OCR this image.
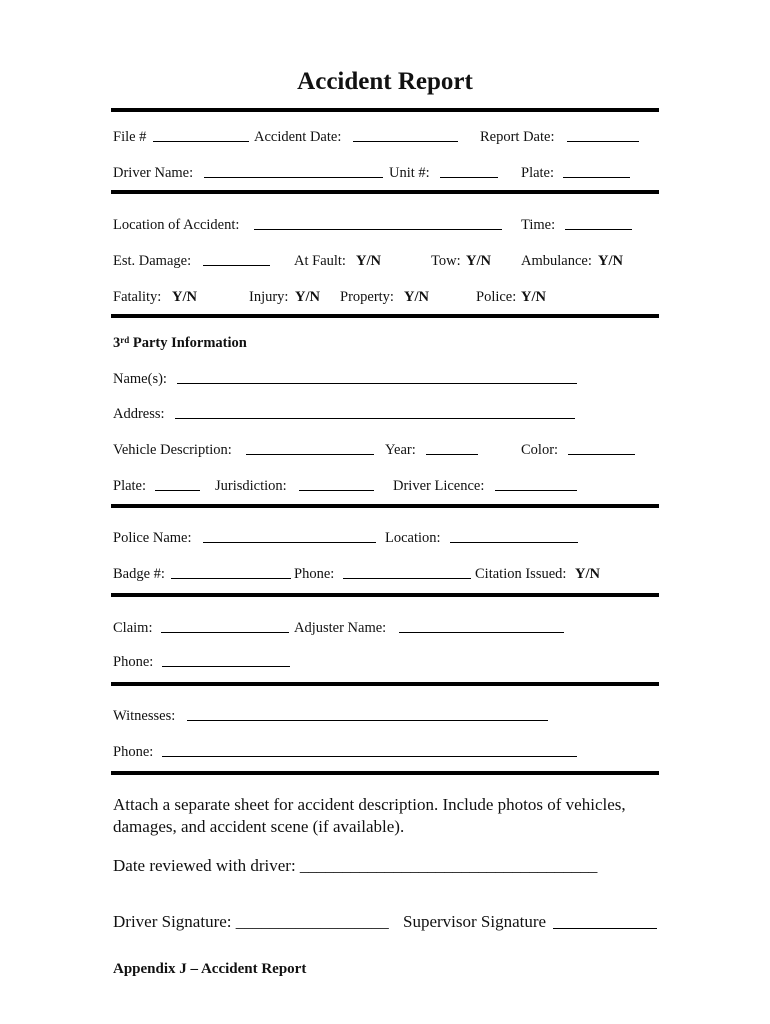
Accident Report
File #	Accident Date:	Report Date:
Driver Name:	Unit #:	Plate:
Location of Accident:	Time:
Est. Damage:	At Fault: Y/N	Tow: Y/N Ambulance: Y/N
Fatality: Y/N	Injury: Y/N Property: Y/N	Police: Y/N
3rd Party Information
Name(s):
Address:
Vehicle Description:	Year:	Color:
Plate:	Jurisdiction:	Driver Licence:
Police Name:	Location:
Badge #:	Phone:	Citation Issued: Y/N
Claim:	Adjuster Name:
Phone:
Witnesses:
Phone:
Attach a separate sheet for accident description. Include photos of vehicles,
damages, and accident scene (if available).
Date reviewed with driver: ___________________________________
Driver Signature: __________________ Supervisor Signature
Appendix J – Accident Report
